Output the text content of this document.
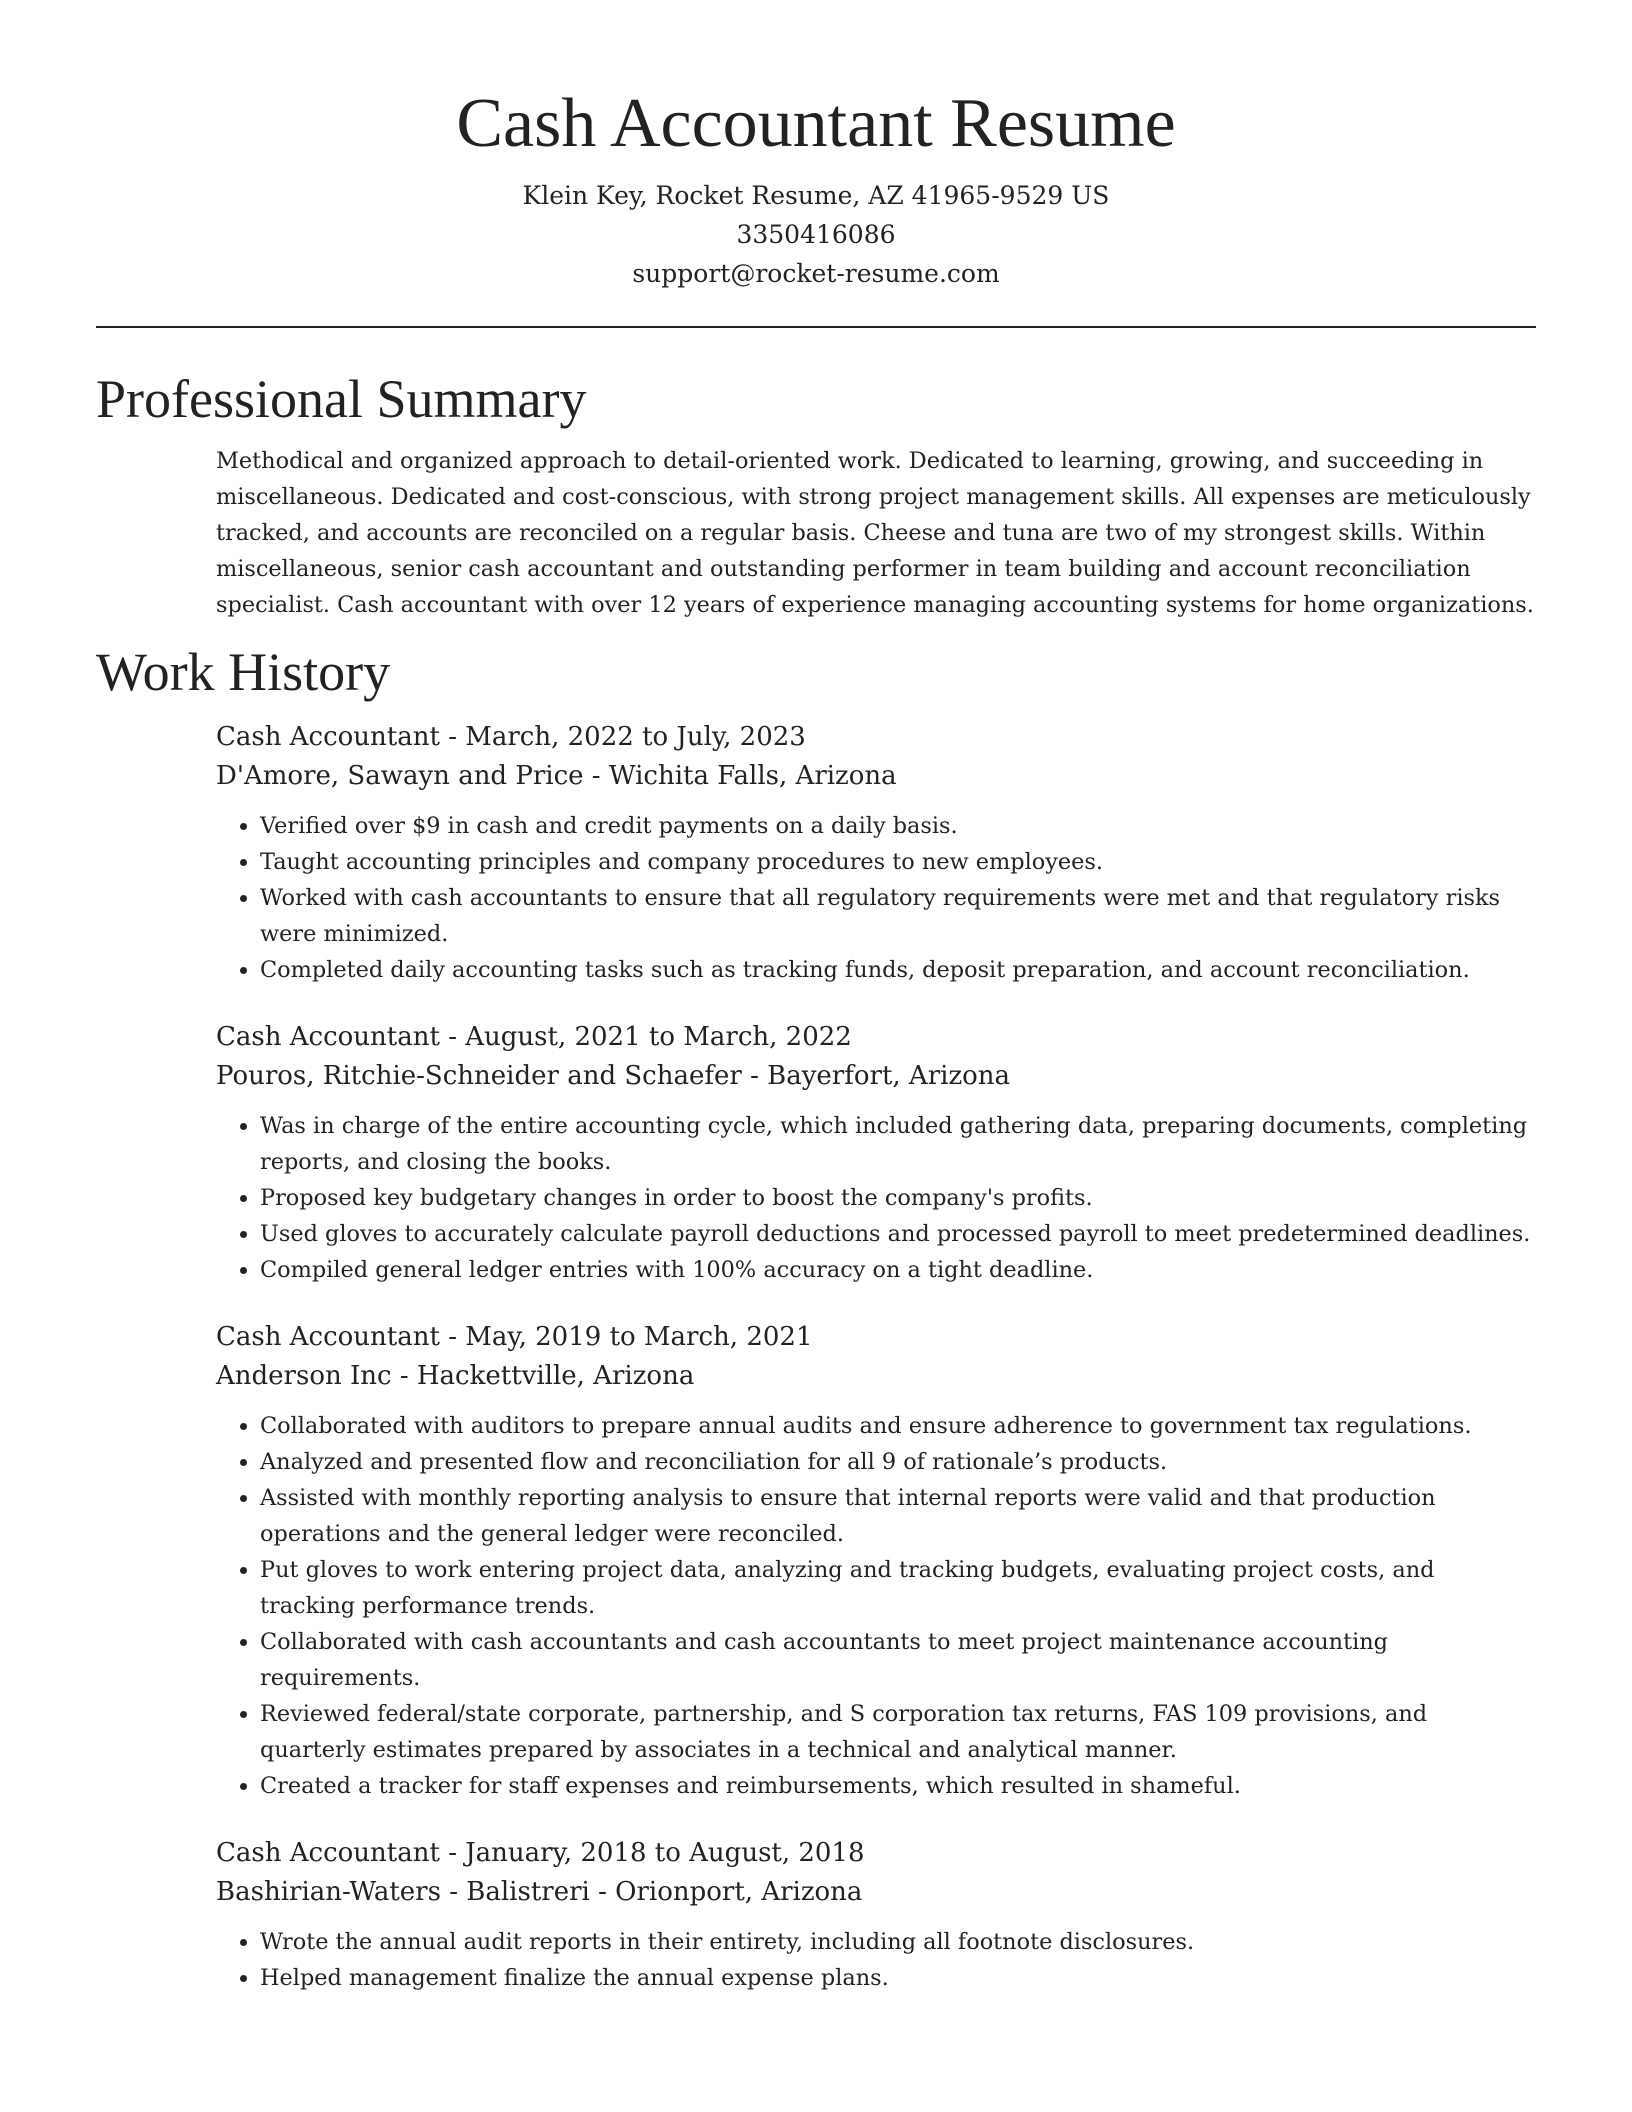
Cash Accountant Resume
Klein Key, Rocket Resume, AZ 41965-9529 US
3350416086
support@rocket-resume.com
Professional Summary

Methodical and organized approach to detail-oriented work. Dedicated to learning, growing, and succeeding in miscellaneous. Dedicated and cost-conscious, with strong project management skills. All expenses are meticulously tracked, and accounts are reconciled on a regular basis. Cheese and tuna are two of my strongest skills. Within miscellaneous, senior cash accountant and outstanding performer in team building and account reconciliation specialist. Cash accountant with over 12 years of experience managing accounting systems for home organizations.

Work History
Cash Accountant - March, 2022 to July, 2023
D'Amore, Sawayn and Price - Wichita Falls, Arizona
• Verified over $9 in cash and credit payments on a daily basis.
• Taught accounting principles and company procedures to new employees.
• Worked with cash accountants to ensure that all regulatory requirements were met and that regulatory risks were minimized.
• Completed daily accounting tasks such as tracking funds, deposit preparation, and account reconciliation.
Cash Accountant - August, 2021 to March, 2022
Pouros, Ritchie-Schneider and Schaefer - Bayerfort, Arizona
• Was in charge of the entire accounting cycle, which included gathering data, preparing documents, completing reports, and closing the books.
• Proposed key budgetary changes in order to boost the company's profits.
• Used gloves to accurately calculate payroll deductions and processed payroll to meet predetermined deadlines.
• Compiled general ledger entries with 100% accuracy on a tight deadline.
Cash Accountant - May, 2019 to March, 2021
Anderson Inc - Hackettville, Arizona
• Collaborated with auditors to prepare annual audits and ensure adherence to government tax regulations.
• Analyzed and presented flow and reconciliation for all 9 of rationale’s products.
• Assisted with monthly reporting analysis to ensure that internal reports were valid and that production operations and the general ledger were reconciled.
• Put gloves to work entering project data, analyzing and tracking budgets, evaluating project costs, and tracking performance trends.
• Collaborated with cash accountants and cash accountants to meet project maintenance accounting requirements.
• Reviewed federal/state corporate, partnership, and S corporation tax returns, FAS 109 provisions, and quarterly estimates prepared by associates in a technical and analytical manner.
• Created a tracker for staff expenses and reimbursements, which resulted in shameful.
Cash Accountant - January, 2018 to August, 2018
Bashirian-Waters - Balistreri - Orionport, Arizona
• Wrote the annual audit reports in their entirety, including all footnote disclosures.
• Helped management finalize the annual expense plans.
